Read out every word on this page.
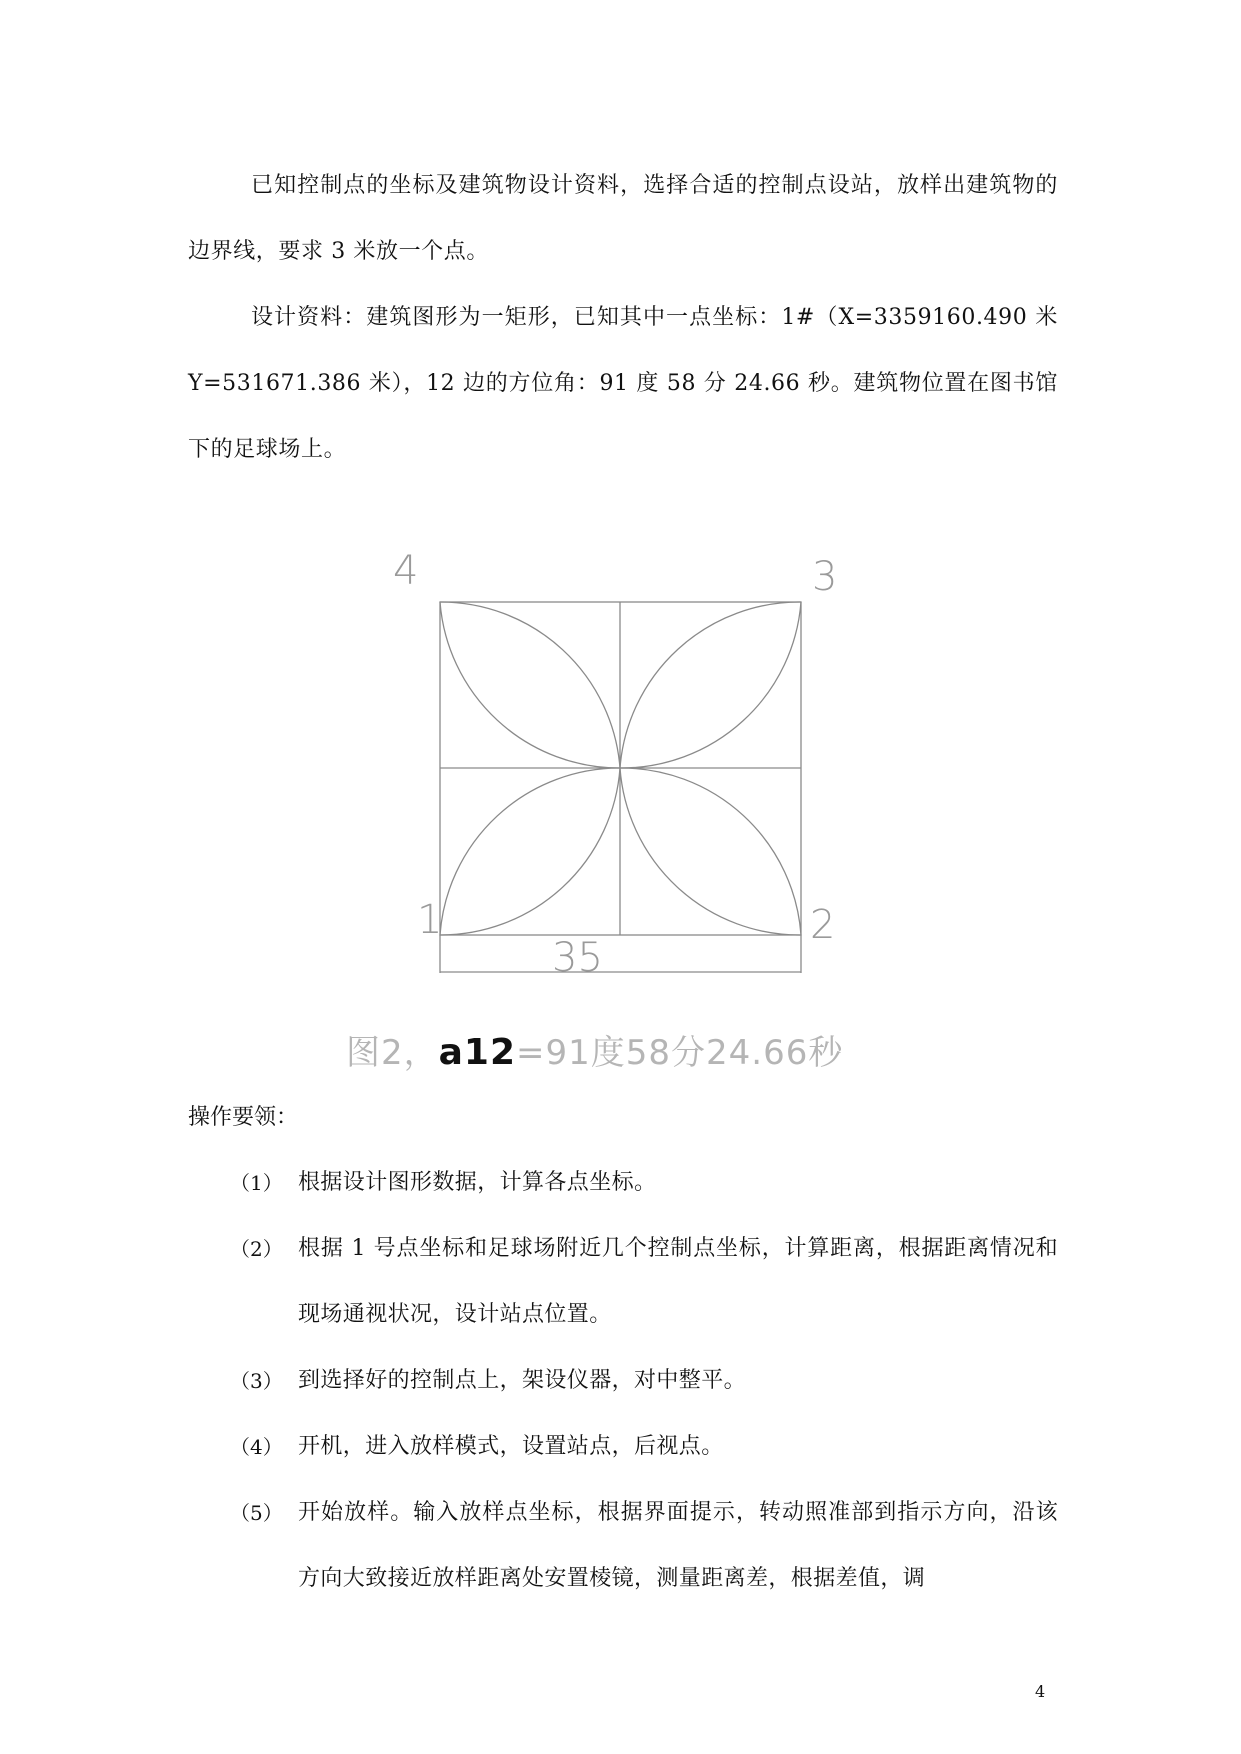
已知控制点的坐标及建筑物设计资料，选择合适的控制点设站，放样出建筑物的边界线，要求 3 米放一个点。

设计资料：建筑图形为一矩形，已知其中一点坐标：1#（X=3359160.490 米　Y=531671.386 米），12 边的方位角：91 度 58 分 24.66 秒。建筑物位置在图书馆下的足球场上。

4	3
1	2
35
图2，a12=91度58分24.66秒

操作要领：

（1） 根据设计图形数据，计算各点坐标。
（2） 根据 1 号点坐标和足球场附近几个控制点坐标，计算距离，根据距离情况和现场通视状况，设计站点位置。
（3） 到选择好的控制点上，架设仪器，对中整平。
（4） 开机，进入放样模式，设置站点，后视点。
（5） 开始放样。输入放样点坐标，根据界面提示，转动照准部到指示方向，沿该方向大致接近放样距离处安置棱镜，测量距离差，根据差值，调
4
